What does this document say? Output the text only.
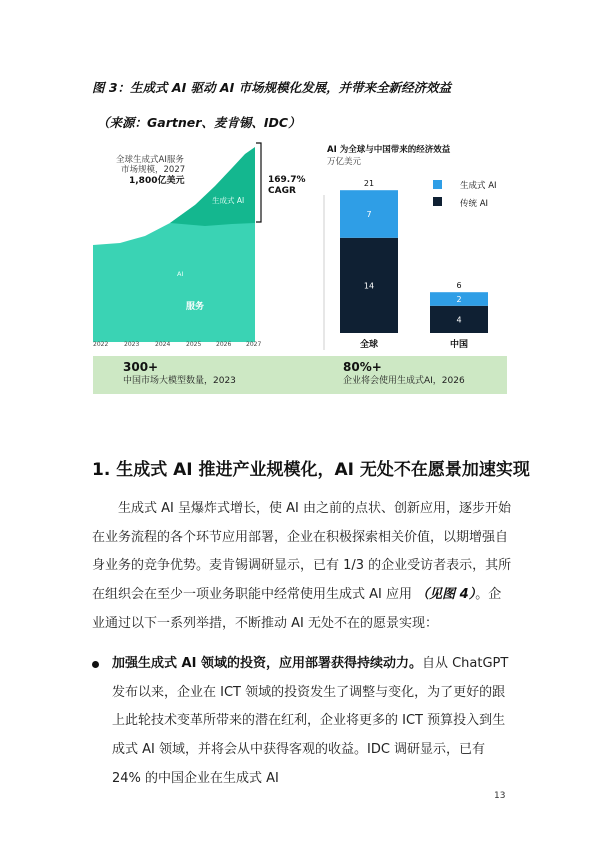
图 3：生成式 AI 驱动 AI 市场规模化发展，并带来全新经济效益
（来源：Gartner、麦肯锡、IDC）
生成式 AI
AI
服务
全球生成式AI服务
市场规模，2027
1,800亿美元	169.7%
CAGR
2022	2023	2024	2025 2026 2027
AI 为全球与中国带来的经济效益
万亿美元
生成式 AI
传统 AI
14
7
21
全球
4
2
6
中国
300+
中国市场大模型数量，2023
80%+
企业将会使用生成式AI，2026
1. 生成式 AI 推进产业规模化，AI 无处不在愿景加速实现

生成式 AI 呈爆炸式增长，使 AI 由之前的点状、创新应用，逐步开始在业务流程的各个环节应用部署，企业在积极探索相关价值，以期增强自身业务的竞争优势。麦肯锡调研显示，已有 1/3 的企业受访者表示，其所在组织会在至少一项业务职能中经常使用生成式 AI 应用 （见图 4）。企业通过以下一系列举措，不断推动 AI 无处不在的愿景实现：

加强生成式 AI 领域的投资，应用部署获得持续动力。自从 ChatGPT 发布以来，企业在 ICT 领域的投资发生了调整与变化，为了更好的跟上此轮技术变革所带来的潜在红利，企业将更多的 ICT 预算投入到生成式 AI 领域，并将会从中获得客观的收益。IDC 调研显示，已有 24% 的中国企业在生成式 AI
13
